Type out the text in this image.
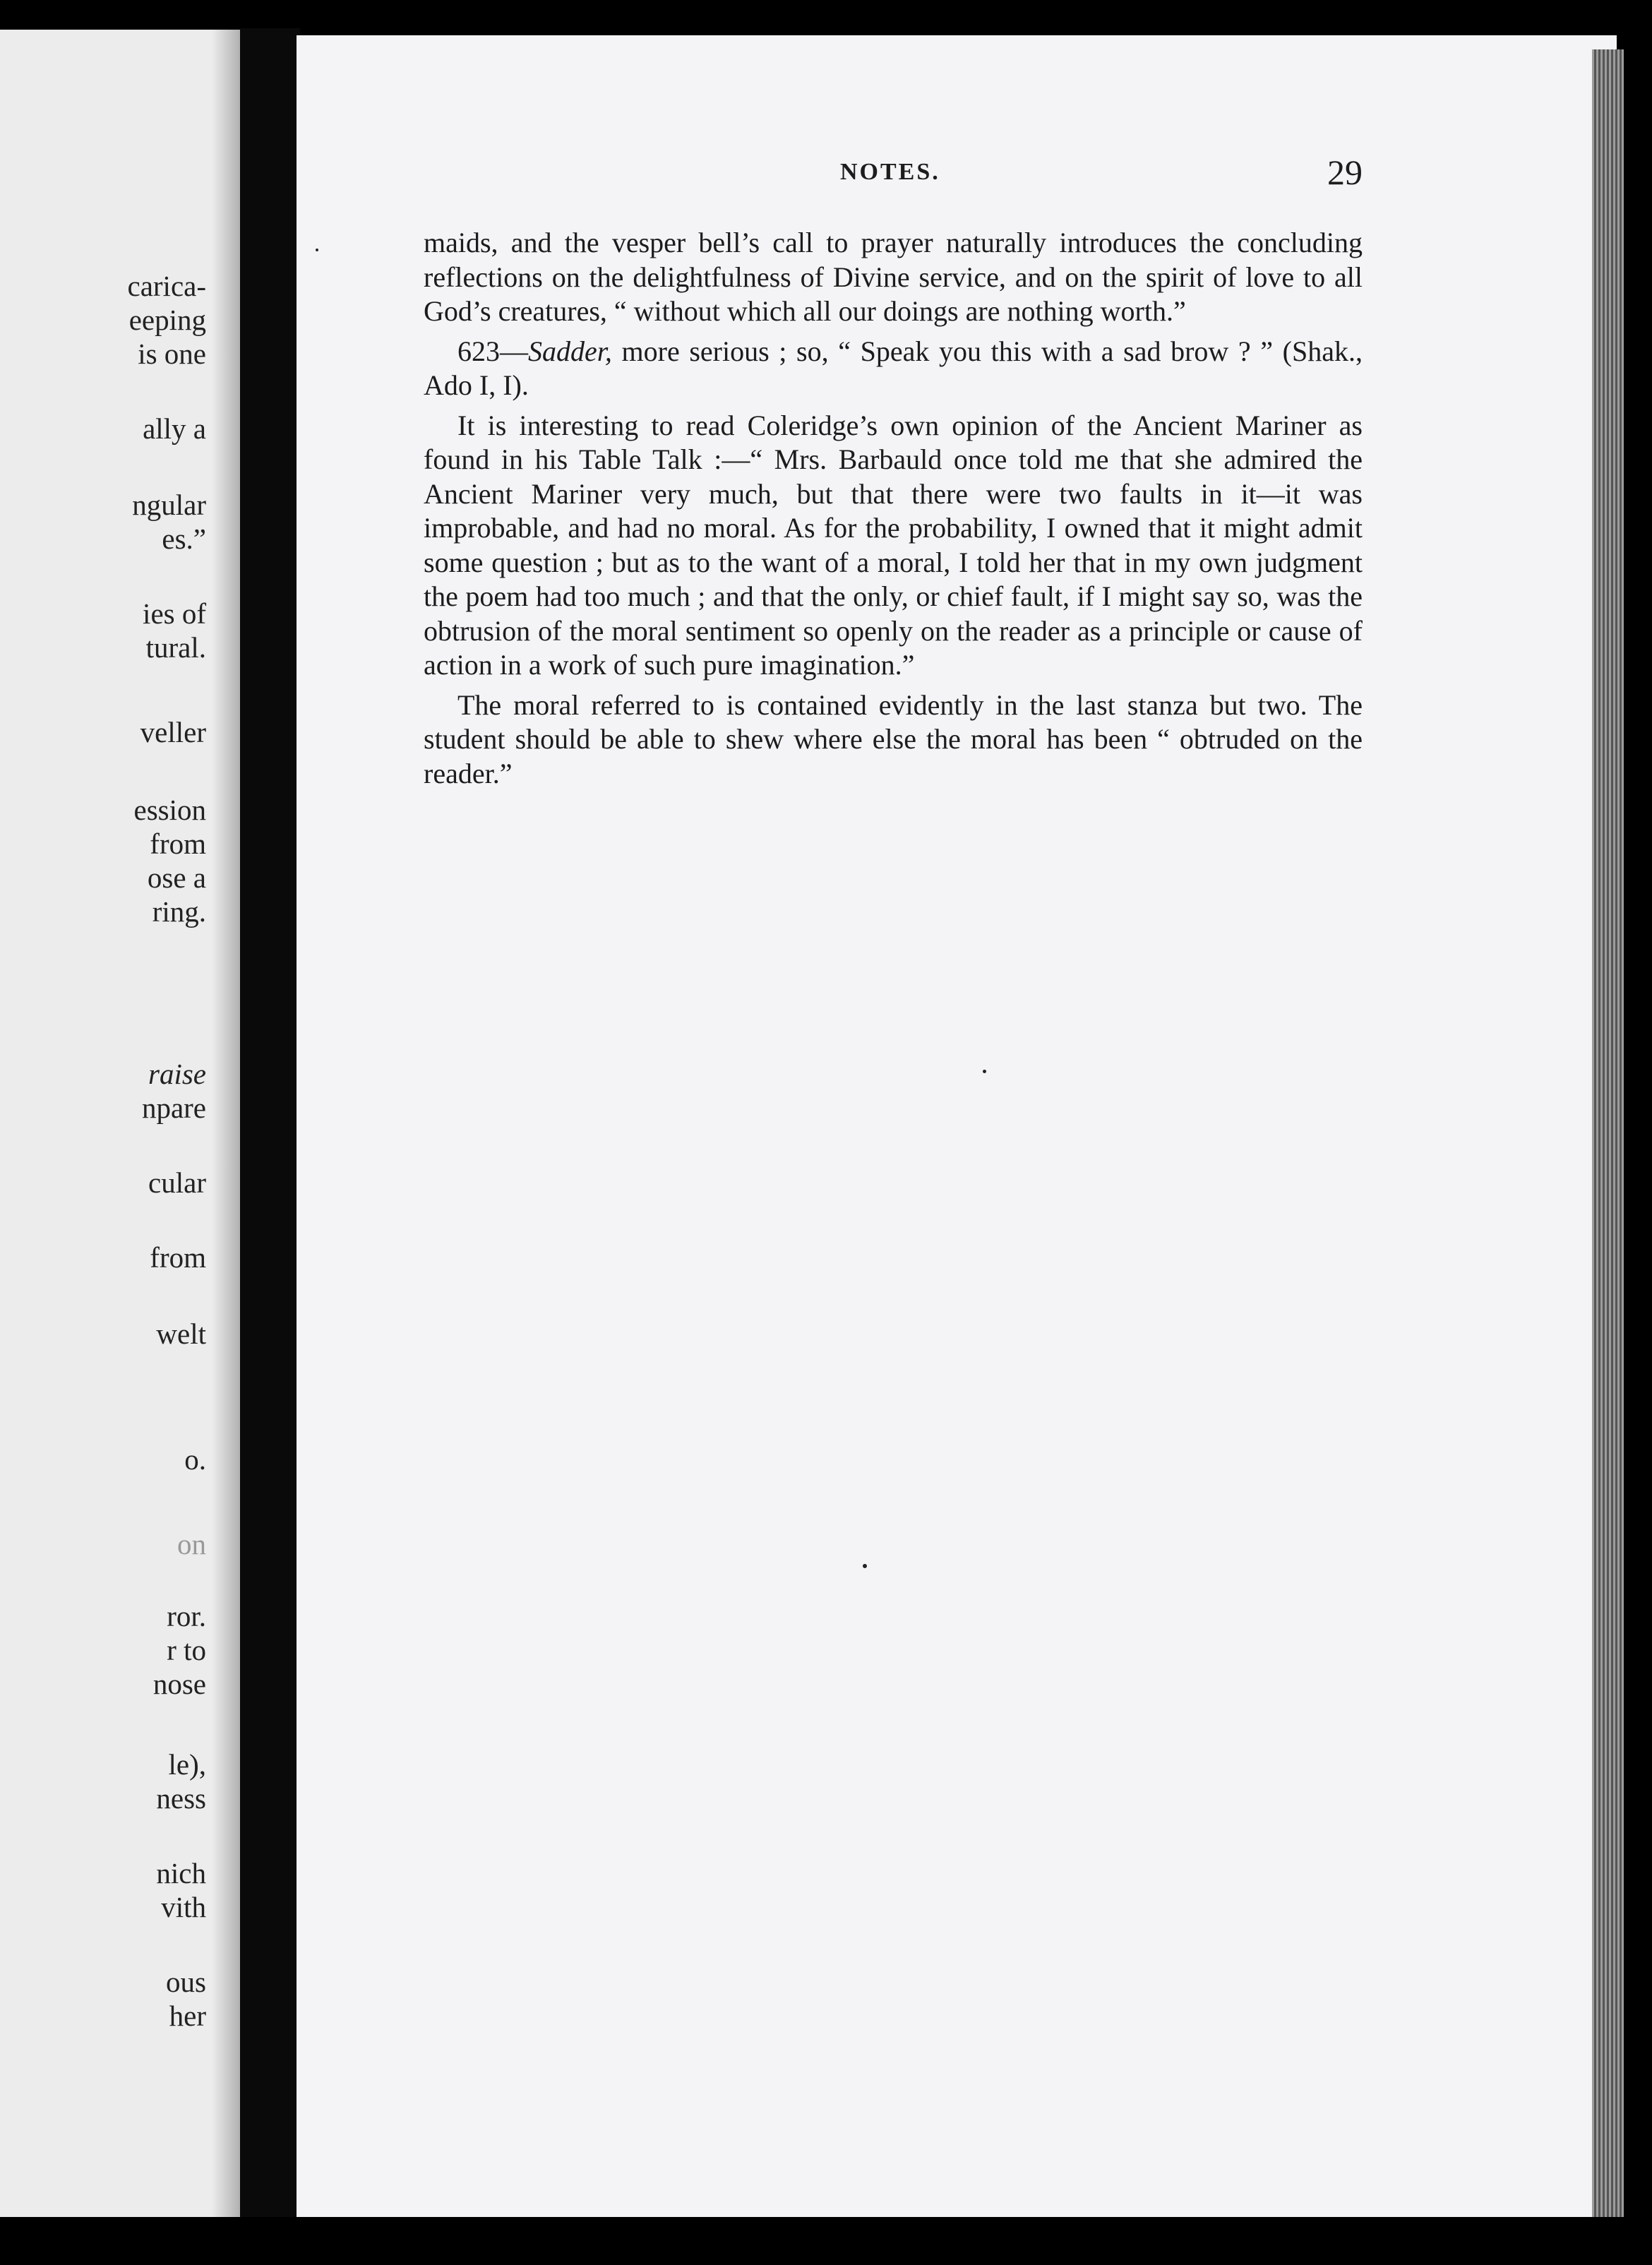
carica-
eeping
is one
ally a
ngular
es.”
ies of
tural.
veller
ession
from
ose a
ring.
raise
npare
cular
from
welt
o.
on
ror.
r to
nose
le),
ness
nich
vith
ous
her
NOTES.	29

maids, and the vesper bell’s call to prayer naturally introduces the concluding reflections on the delightfulness of Divine service, and on the spirit of love to all God’s creatures, “ without which all our doings are nothing worth.”

623—Sadder, more serious ; so, “ Speak you this with a sad brow ? ” (Shak., Ado I, I).

It is interesting to read Coleridge’s own opinion of the Ancient Mariner as found in his Table Talk :—“ Mrs. Barbauld once told me that she admired the Ancient Mariner very much, but that there were two faults in it—it was improbable, and had no moral. As for the probability, I owned that it might admit some question ; but as to the want of a moral, I told her that in my own judgment the poem had too much ; and that the only, or chief fault, if I might say so, was the obtrusion of the moral sentiment so openly on the reader as a principle or cause of action in a work of such pure imagination.”

The moral referred to is contained evidently in the last stanza but two. The student should be able to shew where else the moral has been “ obtruded on the reader.”
